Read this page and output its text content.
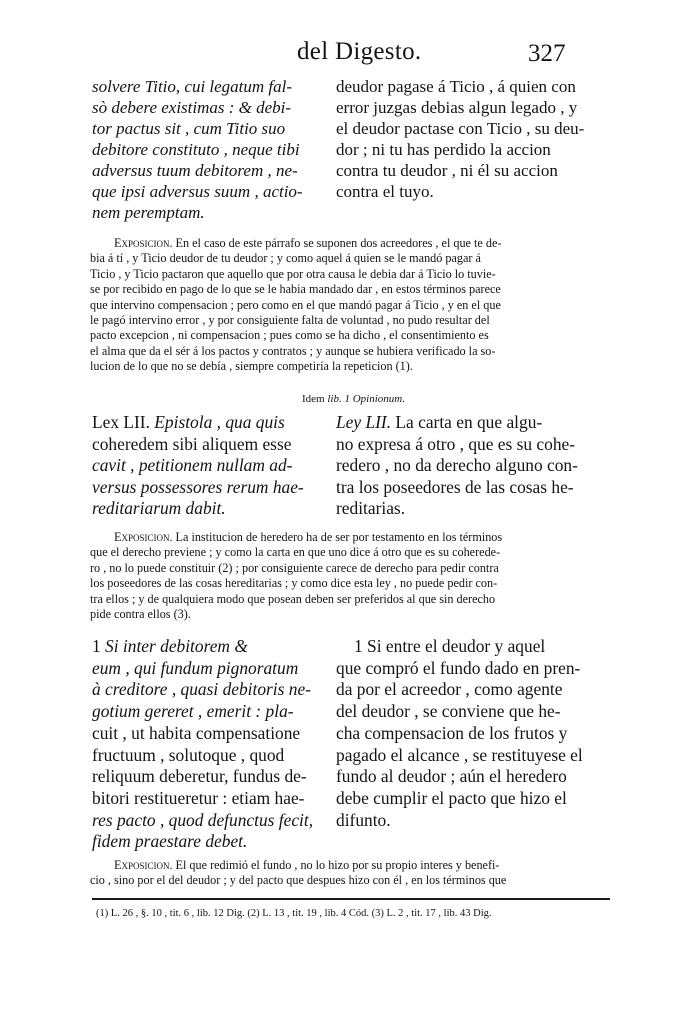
del Digesto.	327
solvere Titio, cui legatum fal-
sò debere existimas : & debi-
tor pactus sit , cum Titio suo
debitore constituto , neque tibi
adversus tuum debitorem , ne-
que ipsi adversus suum , actio-
nem peremptam.
deudor pagase á Ticio , á quien con
error juzgas debias algun legado , y
el deudor pactase con Ticio , su deu-
dor ; ni tu has perdido la accion
contra tu deudor , ni él su accion
contra el tuyo.
Exposicion. En el caso de este párrafo se suponen dos acreedores , el que te de-
bia á tí , y Ticio deudor de tu deudor ; y como aquel á quien se le mandó pagar á
Ticio , y Ticio pactaron que aquello que por otra causa le debia dar á Ticio lo tuvie-
se por recibido en pago de lo que se le habia mandado dar , en estos términos parece
que intervino compensacion ; pero como en el que mandó pagar á Ticio , y en el que
le pagó intervino error , y por consiguiente falta de voluntad , no pudo resultar del
pacto excepcion , ni compensacion ; pues como se ha dicho , el consentimiento es
el alma que da el sér á los pactos y contratos ; y aunque se hubiera verificado la so-
lucion de lo que no se debía , siempre competiría la repeticion (1).
Idem lib. 1 Opinionum.
Lex LII. Epistola , qua quis
coheredem sibi aliquem esse
cavit , petitionem nullam ad-
versus possessores rerum hae-
reditariarum dabit.
Ley LII. La carta en que algu-
no expresa á otro , que es su cohe-
redero , no da derecho alguno con-
tra los poseedores de las cosas he-
reditarias.
Exposicion. La institucion de heredero ha de ser por testamento en los términos
que el derecho previene ; y como la carta en que uno dice á otro que es su coherede-
ro , no lo puede constituir (2) ; por consiguiente carece de derecho para pedir contra
los poseedores de las cosas hereditarias ; y como dice esta ley , no puede pedir con-
tra ellos ; y de qualquiera modo que posean deben ser preferidos al que sin derecho
pide contra ellos (3).
1 Si inter debitorem &
eum , qui fundum pignoratum
à creditore , quasi debitoris ne-
gotium gereret , emerit : pla-
cuit , ut habita compensatione
fructuum , solutoque , quod
reliquum deberetur, fundus de-
bitori restitueretur : etiam hae-
res pacto , quod defunctus fecit,
fidem praestare debet.
1 Si entre el deudor y aquel
que compró el fundo dado en pren-
da por el acreedor , como agente
del deudor , se conviene que he-
cha compensacion de los frutos y
pagado el alcance , se restituyese el
fundo al deudor ; aún el heredero
debe cumplir el pacto que hizo el
difunto.
Exposicion. El que redimió el fundo , no lo hizo por su propio interes y benefi-
cio , sino por el del deudor ; y del pacto que despues hizo con él , en los términos que
(1) L. 26 , §. 10 , tit. 6 , lib. 12 Dig. (2) L. 13 , tit. 19 , lib. 4 Cód. (3) L. 2 , tit. 17 , lib. 43 Dig.
